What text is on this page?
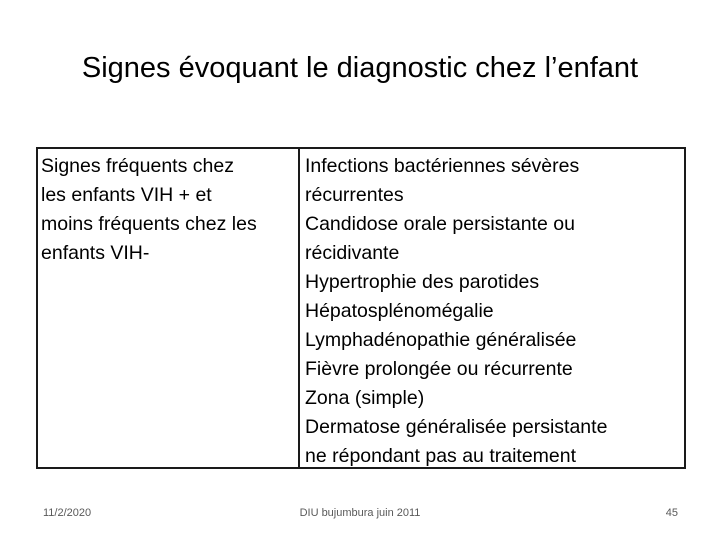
Signes évoquant le diagnostic chez l’enfant
Signes fréquents chez
les enfants VIH + et
moins fréquents chez les
enfants VIH-
Infections bactériennes sévères
récurrentes
Candidose orale persistante ou
récidivante
Hypertrophie des parotides
Hépatosplénomégalie
Lymphadénopathie généralisée
Fièvre prolongée ou récurrente
Zona (simple)
Dermatose généralisée persistante
ne répondant pas au traitement
11/2/2020	DIU bujumbura juin 2011	45
